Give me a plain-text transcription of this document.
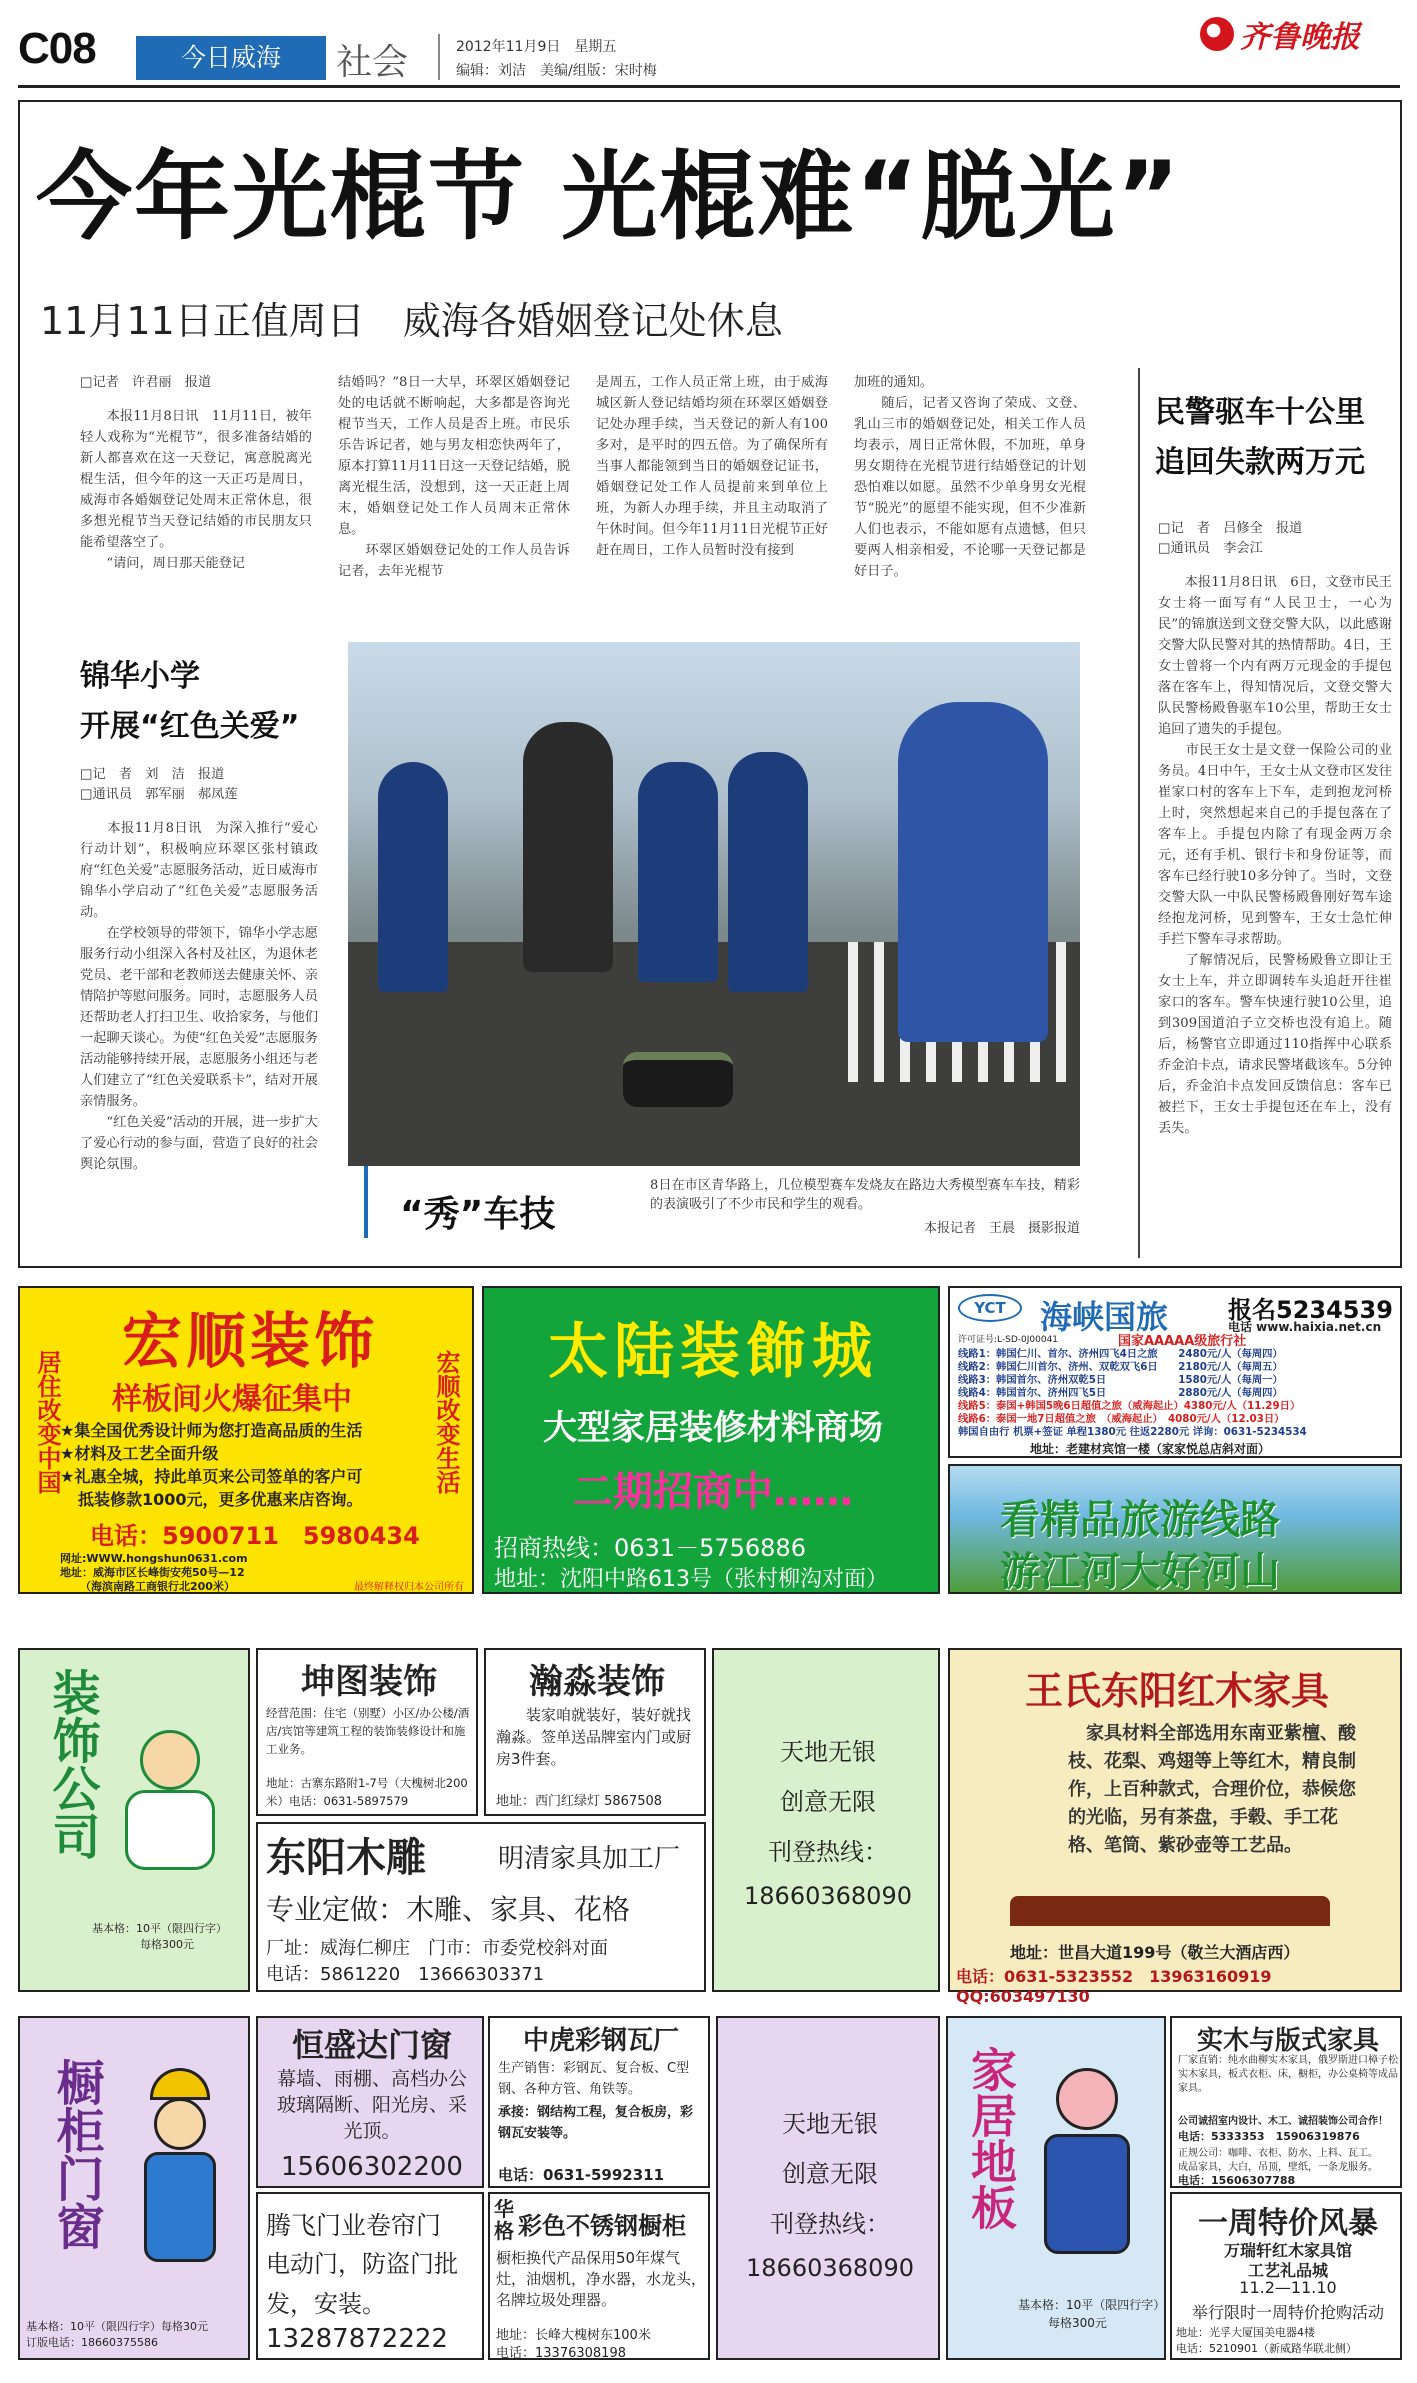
C08	今日威海	社会	2012年11月9日　星期五
编辑：刘洁　美编/组版：宋时梅
齐鲁晚报
今年光棍节 光棍难“脱光”
11月11日正值周日　威海各婚姻登记处休息
□记者　许君丽　报道
　　本报11月8日讯　11月11日，被年轻人戏称为“光棍节”，很多准备结婚的新人都喜欢在这一天登记，寓意脱离光棍生活，但今年的这一天正巧是周日，威海市各婚姻登记处周末正常休息，很多想光棍节当天登记结婚的市民朋友只能希望落空了。
　　“请问，周日那天能登记
结婚吗？”8日一大早，环翠区婚姻登记处的电话就不断响起，大多都是咨询光棍节当天，工作人员是否上班。市民乐乐告诉记者，她与男友相恋快两年了，原本打算11月11日这一天登记结婚，脱离光棍生活，没想到，这一天正赶上周末，婚姻登记处工作人员周末正常休息。
　　环翠区婚姻登记处的工作人员告诉记者，去年光棍节
是周五，工作人员正常上班，由于威海城区新人登记结婚均须在环翠区婚姻登记处办理手续，当天登记的新人有100多对，是平时的四五倍。为了确保所有当事人都能领到当日的婚姻登记证书，婚姻登记处工作人员提前来到单位上班，为新人办理手续，并且主动取消了午休时间。但今年11月11日光棍节正好赶在周日，工作人员暂时没有接到
加班的通知。
　　随后，记者又咨询了荣成、文登、乳山三市的婚姻登记处，相关工作人员均表示，周日正常休假，不加班，单身男女期待在光棍节进行结婚登记的计划恐怕难以如愿。虽然不少单身男女光棍节“脱光”的愿望不能实现，但不少准新人们也表示，不能如愿有点遗憾，但只要两人相亲相爱，不论哪一天登记都是好日子。
民警驱车十公里
追回失款两万元
□记　者　吕修全　报道
□通讯员　李会江
　　本报11月8日讯　6日，文登市民王女士将一面写有“人民卫士，一心为民”的锦旗送到文登交警大队，以此感谢交警大队民警对其的热情帮助。4日，王女士曾将一个内有两万元现金的手提包落在客车上，得知情况后，文登交警大队民警杨殿鲁驱车10公里，帮助王女士追回了遗失的手提包。
　　市民王女士是文登一保险公司的业务员。4日中午，王女士从文登市区发往崔家口村的客车上下车，走到抱龙河桥上时，突然想起来自己的手提包落在了客车上。手提包内除了有现金两万余元，还有手机、银行卡和身份证等，而客车已经行驶10多分钟了。当时，文登交警大队一中队民警杨殿鲁刚好驾车途经抱龙河桥，见到警车，王女士急忙伸手拦下警车寻求帮助。
　　了解情况后，民警杨殿鲁立即让王女士上车，并立即调转车头追赶开往崔家口的客车。警车快速行驶10公里，追到309国道泊子立交桥也没有追上。随后，杨警官立即通过110指挥中心联系乔金泊卡点，请求民警堵截该车。5分钟后，乔金泊卡点发回反馈信息：客车已被拦下，王女士手提包还在车上，没有丢失。
锦华小学
开展“红色关爱”
□记　者　刘　洁　报道
□通讯员　郭军丽　郝凤莲
　　本报11月8日讯　为深入推行“爱心行动计划”，积极响应环翠区张村镇政府“红色关爱”志愿服务活动，近日威海市锦华小学启动了“红色关爱”志愿服务活动。
　　在学校领导的带领下，锦华小学志愿服务行动小组深入各村及社区，为退休老党员、老干部和老教师送去健康关怀、亲情陪护等慰问服务。同时，志愿服务人员还帮助老人打扫卫生、收拾家务，与他们一起聊天谈心。为使“红色关爱”志愿服务活动能够持续开展，志愿服务小组还与老人们建立了“红色关爱联系卡”，结对开展亲情服务。
　　“红色关爱”活动的开展，进一步扩大了爱心行动的参与面，营造了良好的社会舆论氛围。
“秀”车技
8日在市区青华路上，几位模型赛车发烧友在路边大秀模型赛车车技，精彩的表演吸引了不少市民和学生的观看。
本报记者　王晨　摄影报道
宏顺装饰
居住改变中国	宏顺改变生活
样板间火爆征集中
★集全国优秀设计师为您打造高品质的生活
★材料及工艺全面升级
★礼惠全城，持此单页来公司签单的客户可
抵装修款1000元，更多优惠来店咨询。
电话：5900711　5980434
网址:WWW.hongshun0631.com
地址：威海市区长峰街安苑50号—12
（海滨南路工商银行北200米）	最终解释权归本公司所有
太陆装飾城
大型家居装修材料商场
二期招商中……
招商热线：0631－5756886
地址：沈阳中路613号（张村柳沟对面）
YCT	海峡国旅 报名5234539
电话 www.haixia.net.cn
许可证号:L-SD-0J00041	国家AAAAA级旅行社
线路1：韩国仁川、首尔、济州四飞4日之旅　　2480元/人（每周四）
线路2：韩国仁川首尔、济州、双乾双飞6日　　2180元/人（每周五）
线路3：韩国首尔、济州双乾5日　　　　　　　1580元/人（每周一）
线路4：韩国首尔、济州四飞5日　　　　　　　2880元/人（每周四）
线路5：泰国+韩国5晚6日超值之旅（威海起止）4380元/人（11.29日）
线路6：泰国一地7日超值之旅　（威海起止）　4080元/人（12.03日）
韩国自由行 机票+签证 单程1380元 往返2280元 详询：0631-5234534
地址：老建材宾馆一楼（家家悦总店斜对面）
看精品旅游线路
游江河大好河山
装饰公司
基本格：10平（限四行字）
每格300元
坤图装饰
经营范围：住宅（别墅）小区/办公楼/酒店/宾馆等建筑工程的装饰装修设计和施工业务。
地址：古寨东路附1-7号（大槐树北200米）电话：0631-5897579
瀚淼装饰
装家咱就装好，装好就找瀚淼。签单送品牌室内门或厨房3件套。
地址：西门红绿灯 5867508
天地无银
创意无限
刊登热线：
18660368090
东阳木雕	明清家具加工厂
专业定做：木雕、家具、花格
厂址：威海仁柳庄　门市：市委党校斜对面
电话：5861220　13666303371
王氏东阳红木家具
家具材料全部选用东南亚紫檀、酸枝、花梨、鸡翅等上等红木，精良制作，上百种款式，合理价位，恭候您的光临，另有茶盘，手毂、手工花格、笔筒、紫砂壶等工艺品。
地址：世昌大道199号（敬兰大酒店西）
电话：0631-5323552　13963160919　QQ:603497130
橱柜门窗
基本格：10平（限四行字）每格30元
订版电话：18660375586
恒盛达门窗
幕墙、雨棚、高档办公玻璃隔断、阳光房、采光顶。
15606302200
中虎彩钢瓦厂
生产销售：彩钢瓦、复合板、C型钢、各种方管、角铁等。
承接：钢结构工程，复合板房，彩钢瓦安装等。
电话：0631-5992311
腾飞门业卷帘门
电动门，防盗门批发，安装。
13287872222
华格 彩色不锈钢橱柜
橱柜换代产品保用50年煤气灶，油烟机，净水器，水龙头，名牌垃圾处理器。
地址：长峰大槐树东100米
电话：13376308198
天地无银
创意无限
刊登热线：
18660368090
家居地板
基本格：10平（限四行字）
每格300元
实木与版式家具
厂家直销：纯水曲柳实木家具，俄罗斯进口樟子松实木家具，板式衣柜、床，橱柜，办公桌椅等成品家具。
公司诚招室内设计、木工、诚招装饰公司合作！
电话：5333353　15906319876
正规公司：咖啡、衣柜、防水、上料、瓦工。
成品家具，大白，吊顶，壁纸，一条龙服务。
电话：15606307788
一周特价风暴
万瑞轩红木家具馆
工艺礼品城
11.2—11.10
举行限时一周特价抢购活动
地址：光孚大厦国美电器4楼
电话：5210901（新威路华联北侧）
